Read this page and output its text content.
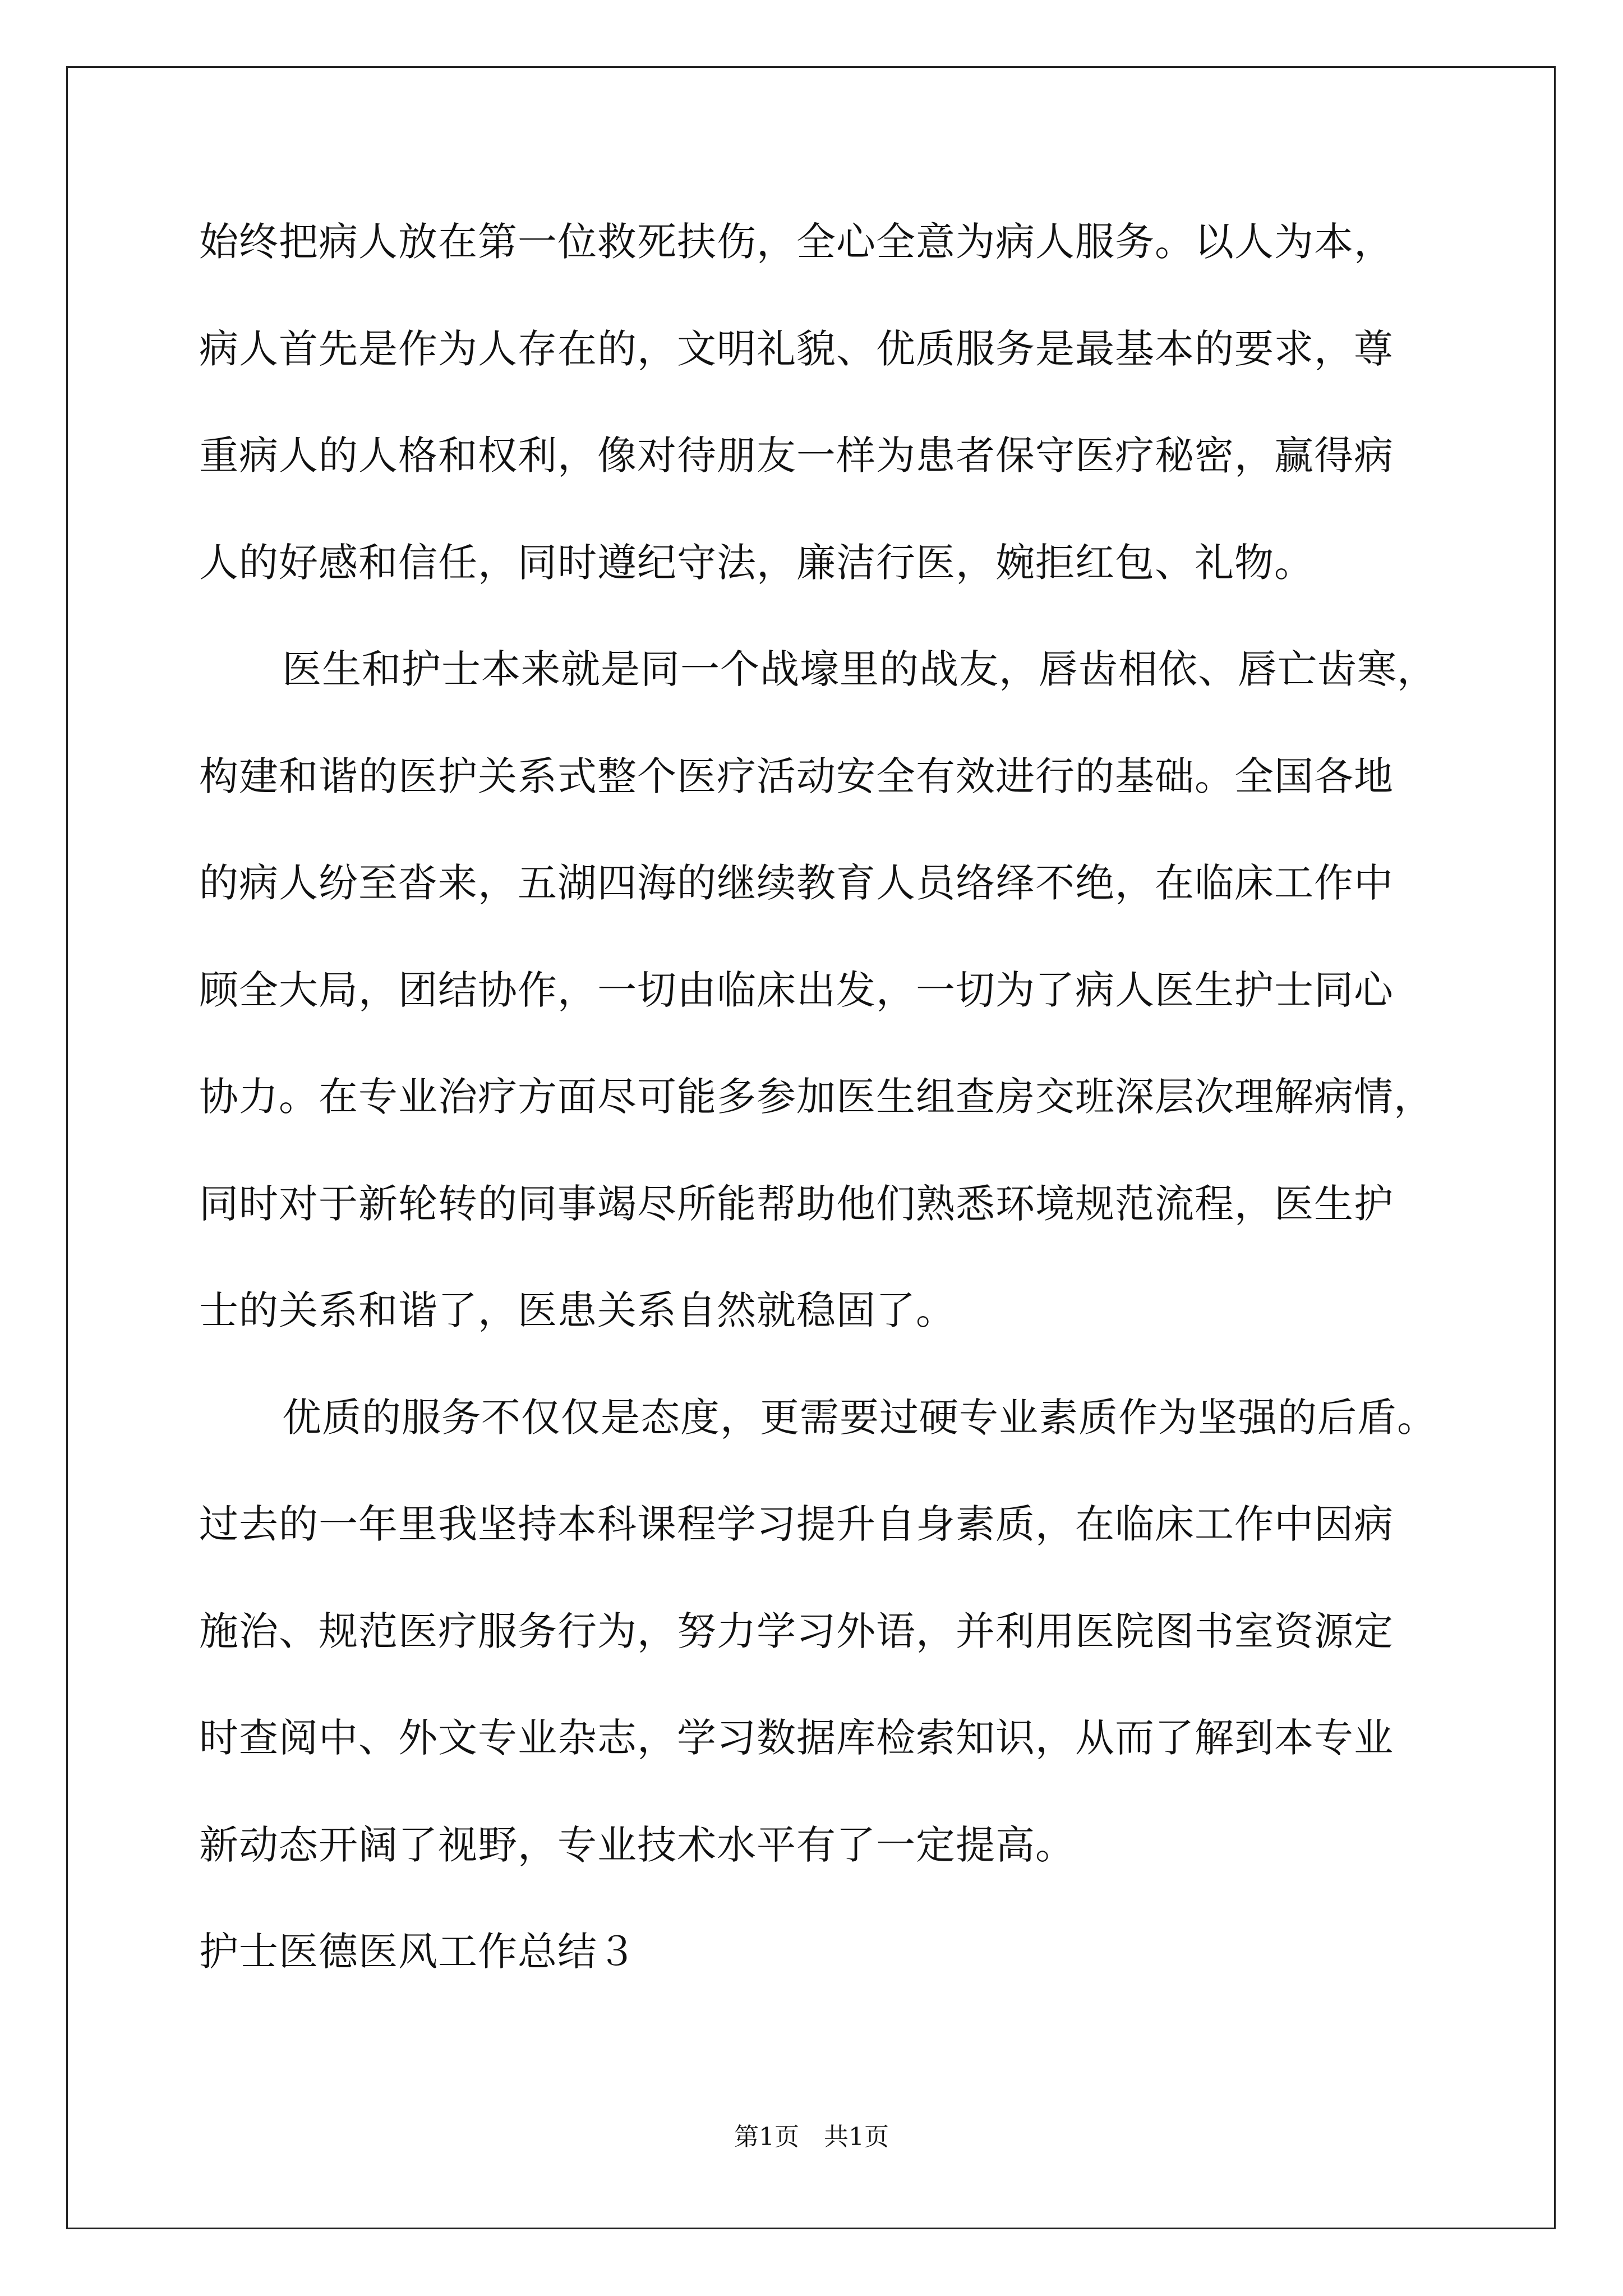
始终把病人放在第一位救死扶伤，全心全意为病人服务。以人为本，
病人首先是作为人存在的，文明礼貌、优质服务是最基本的要求，尊
重病人的人格和权利，像对待朋友一样为患者保守医疗秘密，赢得病
人的好感和信任，同时遵纪守法，廉洁行医，婉拒红包、礼物。
医生和护士本来就是同一个战壕里的战友，唇齿相依、唇亡齿寒，
构建和谐的医护关系式整个医疗活动安全有效进行的基础。全国各地
的病人纷至沓来，五湖四海的继续教育人员络绎不绝，在临床工作中
顾全大局，团结协作，一切由临床出发，一切为了病人医生护士同心
协力。在专业治疗方面尽可能多参加医生组查房交班深层次理解病情，
同时对于新轮转的同事竭尽所能帮助他们熟悉环境规范流程，医生护
士的关系和谐了，医患关系自然就稳固了。
优质的服务不仅仅是态度，更需要过硬专业素质作为坚强的后盾。
过去的一年里我坚持本科课程学习提升自身素质，在临床工作中因病
施治、规范医疗服务行为，努力学习外语，并利用医院图书室资源定
时查阅中、外文专业杂志，学习数据库检索知识，从而了解到本专业
新动态开阔了视野，专业技术水平有了一定提高。
护士医德医风工作总结３
第1页　共1页
